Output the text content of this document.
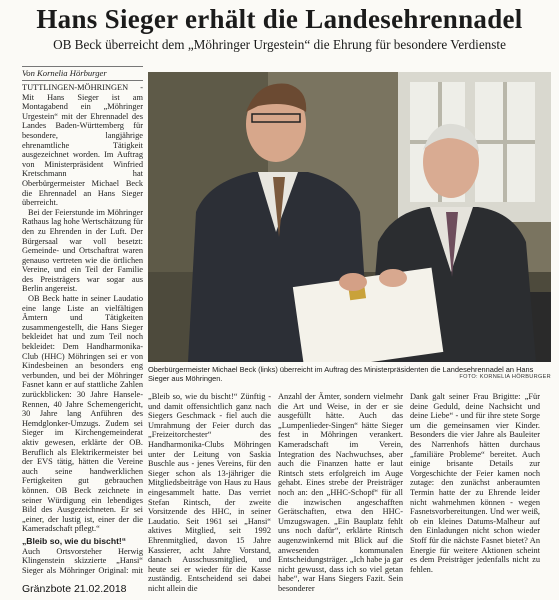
Hans Sieger erhält die Landesehrennadel

OB Beck überreicht dem „Möhringer Urgestein“ die Ehrung für besondere Verdienste

Von Kornelia Hörburger

TUTTLINGEN-MÖHRINGEN - Mit Hans Sieger ist am Montagabend ein „Möhringer Urgestein“ mit der Ehrennadel des Landes Baden-Württemberg für besondere, langjährige ehrenamtliche Tätigkeit ausgezeichnet worden. Im Auftrag von Ministerpräsident Winfried Kretschmann hat Oberbürgermeister Michael Beck die Ehrennadel an Hans Sieger überreicht.

Bei der Feierstunde im Möhringer Rathaus lag hohe Wertschätzung für den zu Ehrenden in der Luft. Der Bürgersaal war voll besetzt: Gemeinde- und Ortschaftrat waren genauso vertreten wie die örtlichen Vereine, und ein Teil der Familie des Preisträgers war sogar aus Berlin angereist.

OB Beck hatte in seiner Laudatio eine lange Liste an vielfältigen Ämtern und Tätigkeiten zusammengestellt, die Hans Sieger bekleidet hat und zum Teil noch bekleidet: Dem Handharmonika-Club (HHC) Möhringen sei er von Kindesbeinen an besonders eng verbunden, und bei der Möhringer Fasnet kann er auf stattliche Zahlen zurückblicken: 30 Jahre Hansele-Rennen, 40 Jahre Schemengericht, 30 Jahre lang Anführen des Hemdglonker-Umzugs. Zudem sei Sieger im Kirchengemeinderat aktiv gewesen, erklärte der OB. Beruflich als Elektrikermeister bei der EVS tätig, hätten die Vereine auch seine handwerklichen Fertigkeiten gut gebrauchen können. OB Beck zeichnete in seiner Würdigung ein lebendiges Bild des Ausgezeichneten. Er sei „einer, der lustig ist, einer der die Kameradschaft pflegt.“

„Bleib so, wie du bischt!“

Auch Ortsvorsteher Herwig Klingenstein skizzierte „Hansi“ Sieger als Möhringer Original: mit

Oberbürgermeister Michael Beck (links) überreicht im Auftrag des Ministerpräsidenten die Landesehrennadel an Hans Sieger aus Möhringen.	FOTO: KORNELIA HÖRBURGER

„Bleib so, wie du bischt!“ Zünftig - und damit offensichtlich ganz nach Siegers Geschmack - fiel auch die Umrahmung der Feier durch das „Freizeitorchester“ des Handharmonika-Clubs Möhringen unter der Leitung von Saskia Buschle aus - jenes Vereins, für den Sieger schon als 13-jähriger die Mitgliedsbeiträge von Haus zu Haus eingesammelt hatte. Das verriet Stefan Rintsch, der zweite Vorsitzende des HHC, in seiner Laudatio. Seit 1961 sei „Hansi“ aktives Mitglied, seit 1992 Ehrenmitglied, davon 15 Jahre Kassierer, acht Jahre Vorstand, danach Ausschussmitglied, und heute sei er wieder für die Kasse zuständig. Entscheidend sei dabei nicht allein die

Anzahl der Ämter, sondern vielmehr die Art und Weise, in der er sie ausgefüllt hätte. Auch das „Lumpenlieder-Singen“ hätte Sieger fest in Möhringen verankert. Kameradschaft im Verein, Integration des Nachwuchses, aber auch die Finanzen hatte er laut Rintsch stets erfolgreich im Auge gehabt. Eines strebe der Preisträger noch an: den „HHC-Schopf“ für all die inzwischen angeschafften Gerätschaften, etwa den HHC-Umzugswagen. „Ein Bauplatz fehlt uns noch dafür“, erklärte Rintsch augenzwinkernd mit Blick auf die anwesenden kommunalen Entscheidungsträger. „Ich habe ja gar nicht gewusst, dass ich so viel getan habe“, war Hans Siegers Fazit. Sein besonderer

Dank galt seiner Frau Brigitte: „Für deine Geduld, deine Nachsicht und deine Liebe“ - und für ihre stete Sorge um die gemeinsamen vier Kinder. Besonders die vier Jahre als Bauleiter des Narrenhofs hätten durchaus „familiäre Probleme“ bereitet. Auch einige brisante Details zur Vorgeschichte der Feier kamen noch zutage: den zunächst anberaumten Termin hatte der zu Ehrende leider nicht wahrnehmen können - wegen Fasnetsvorbereitungen. Und wer weiß, ob ein kleines Datums-Malheur auf den Einladungen nicht schon wieder Stoff für die nächste Fasnet bietet? An Energie für weitere Aktionen scheint es dem Preisträger jedenfalls nicht zu fehlen.

Gränzbote 21.02.2018
